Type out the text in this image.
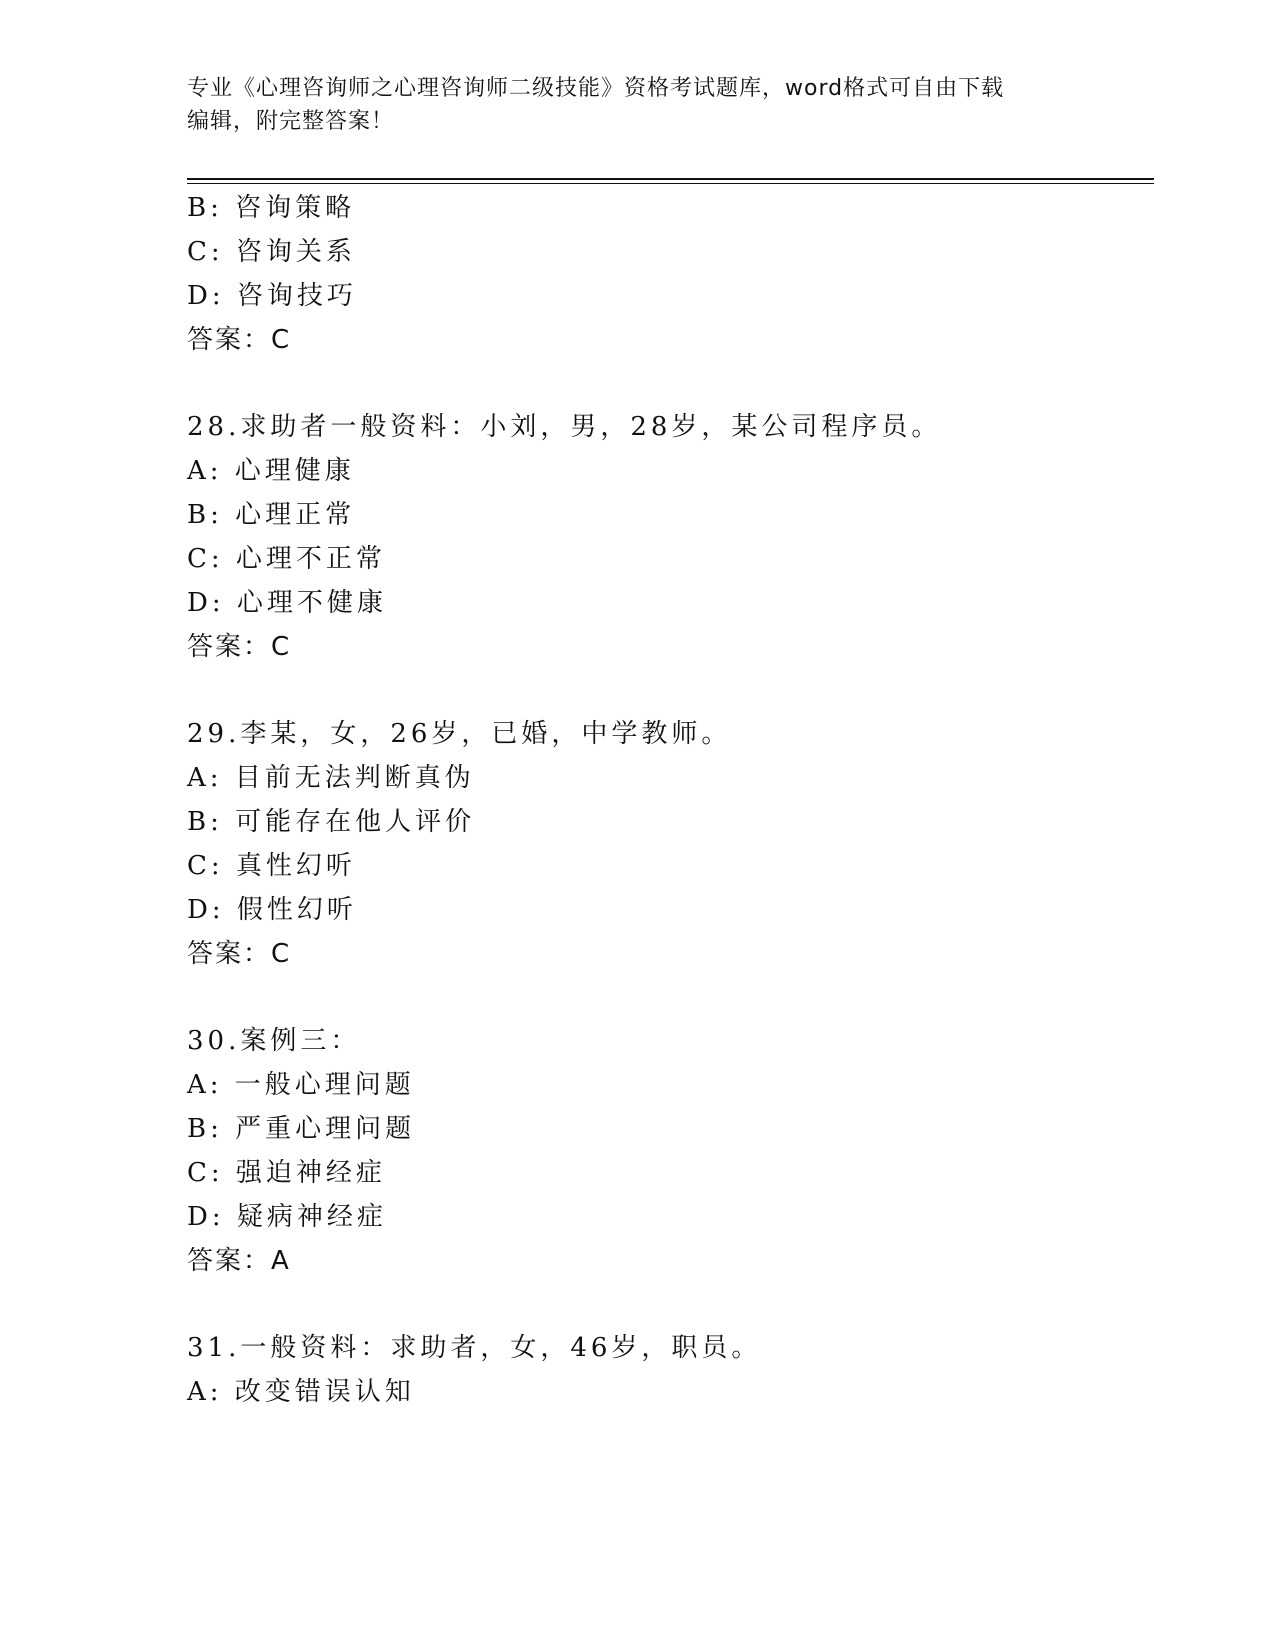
专业《心理咨询师之心理咨询师二级技能》资格考试题库，word格式可自由下载
编辑，附完整答案！
B: 咨询策略
C: 咨询关系
D: 咨询技巧
答案：C
28.求助者一般资料：小刘，男，28岁，某公司程序员。
A: 心理健康
B: 心理正常
C: 心理不正常
D: 心理不健康
答案：C
29.李某，女，26岁，已婚，中学教师。
A: 目前无法判断真伪
B: 可能存在他人评价
C: 真性幻听
D: 假性幻听
答案：C
30.案例三：
A: 一般心理问题
B: 严重心理问题
C: 强迫神经症
D: 疑病神经症
答案：A
31.一般资料：求助者，女，46岁，职员。
A: 改变错误认知
